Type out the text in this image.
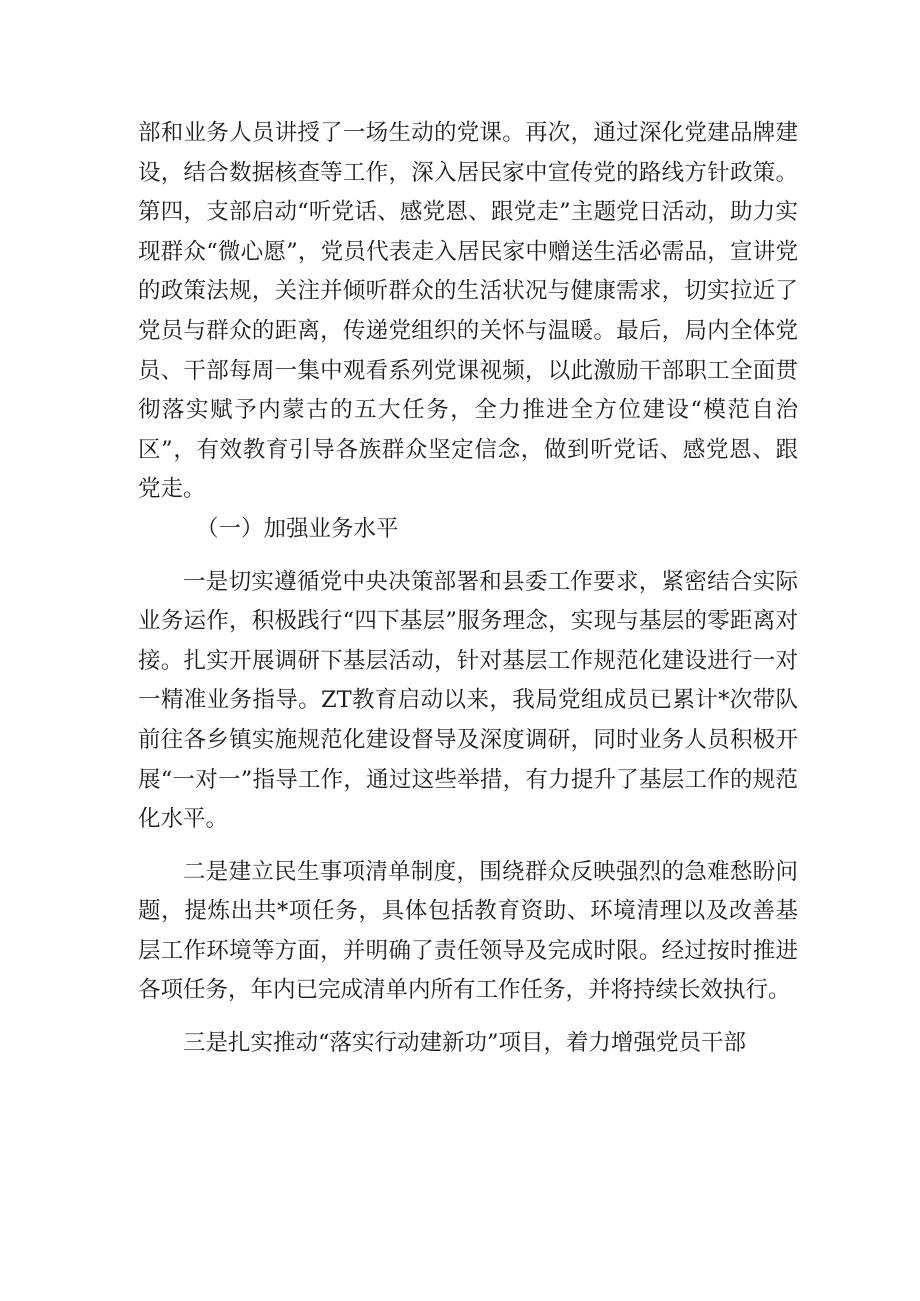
部和业务人员讲授了一场生动的党课。再次，通过深化党建品牌建设，结合数据核查等工作，深入居民家中宣传党的路线方针政策。第四，支部启动“听党话、感党恩、跟党走”主题党日活动，助力实现群众“微心愿”，党员代表走入居民家中赠送生活必需品，宣讲党的政策法规，关注并倾听群众的生活状况与健康需求，切实拉近了党员与群众的距离，传递党组织的关怀与温暖。最后，局内全体党员、干部每周一集中观看系列党课视频，以此激励干部职工全面贯彻落实赋予内蒙古的五大任务，全力推进全方位建设“模范自治区”，有效教育引导各族群众坚定信念，做到听党话、感党恩、跟党走。

（一）加强业务水平

一是切实遵循党中央决策部署和县委工作要求，紧密结合实际业务运作，积极践行“四下基层”服务理念，实现与基层的零距离对接。扎实开展调研下基层活动，针对基层工作规范化建设进行一对一精准业务指导。ZT教育启动以来，我局党组成员已累计*次带队前往各乡镇实施规范化建设督导及深度调研，同时业务人员积极开展“一对一”指导工作，通过这些举措，有力提升了基层工作的规范化水平。

二是建立民生事项清单制度，围绕群众反映强烈的急难愁盼问题，提炼出共*项任务，具体包括教育资助、环境清理以及改善基层工作环境等方面，并明确了责任领导及完成时限。经过按时推进各项任务，年内已完成清单内所有工作任务，并将持续长效执行。

三是扎实推动“落实行动建新功”项目，着力增强党员干部
